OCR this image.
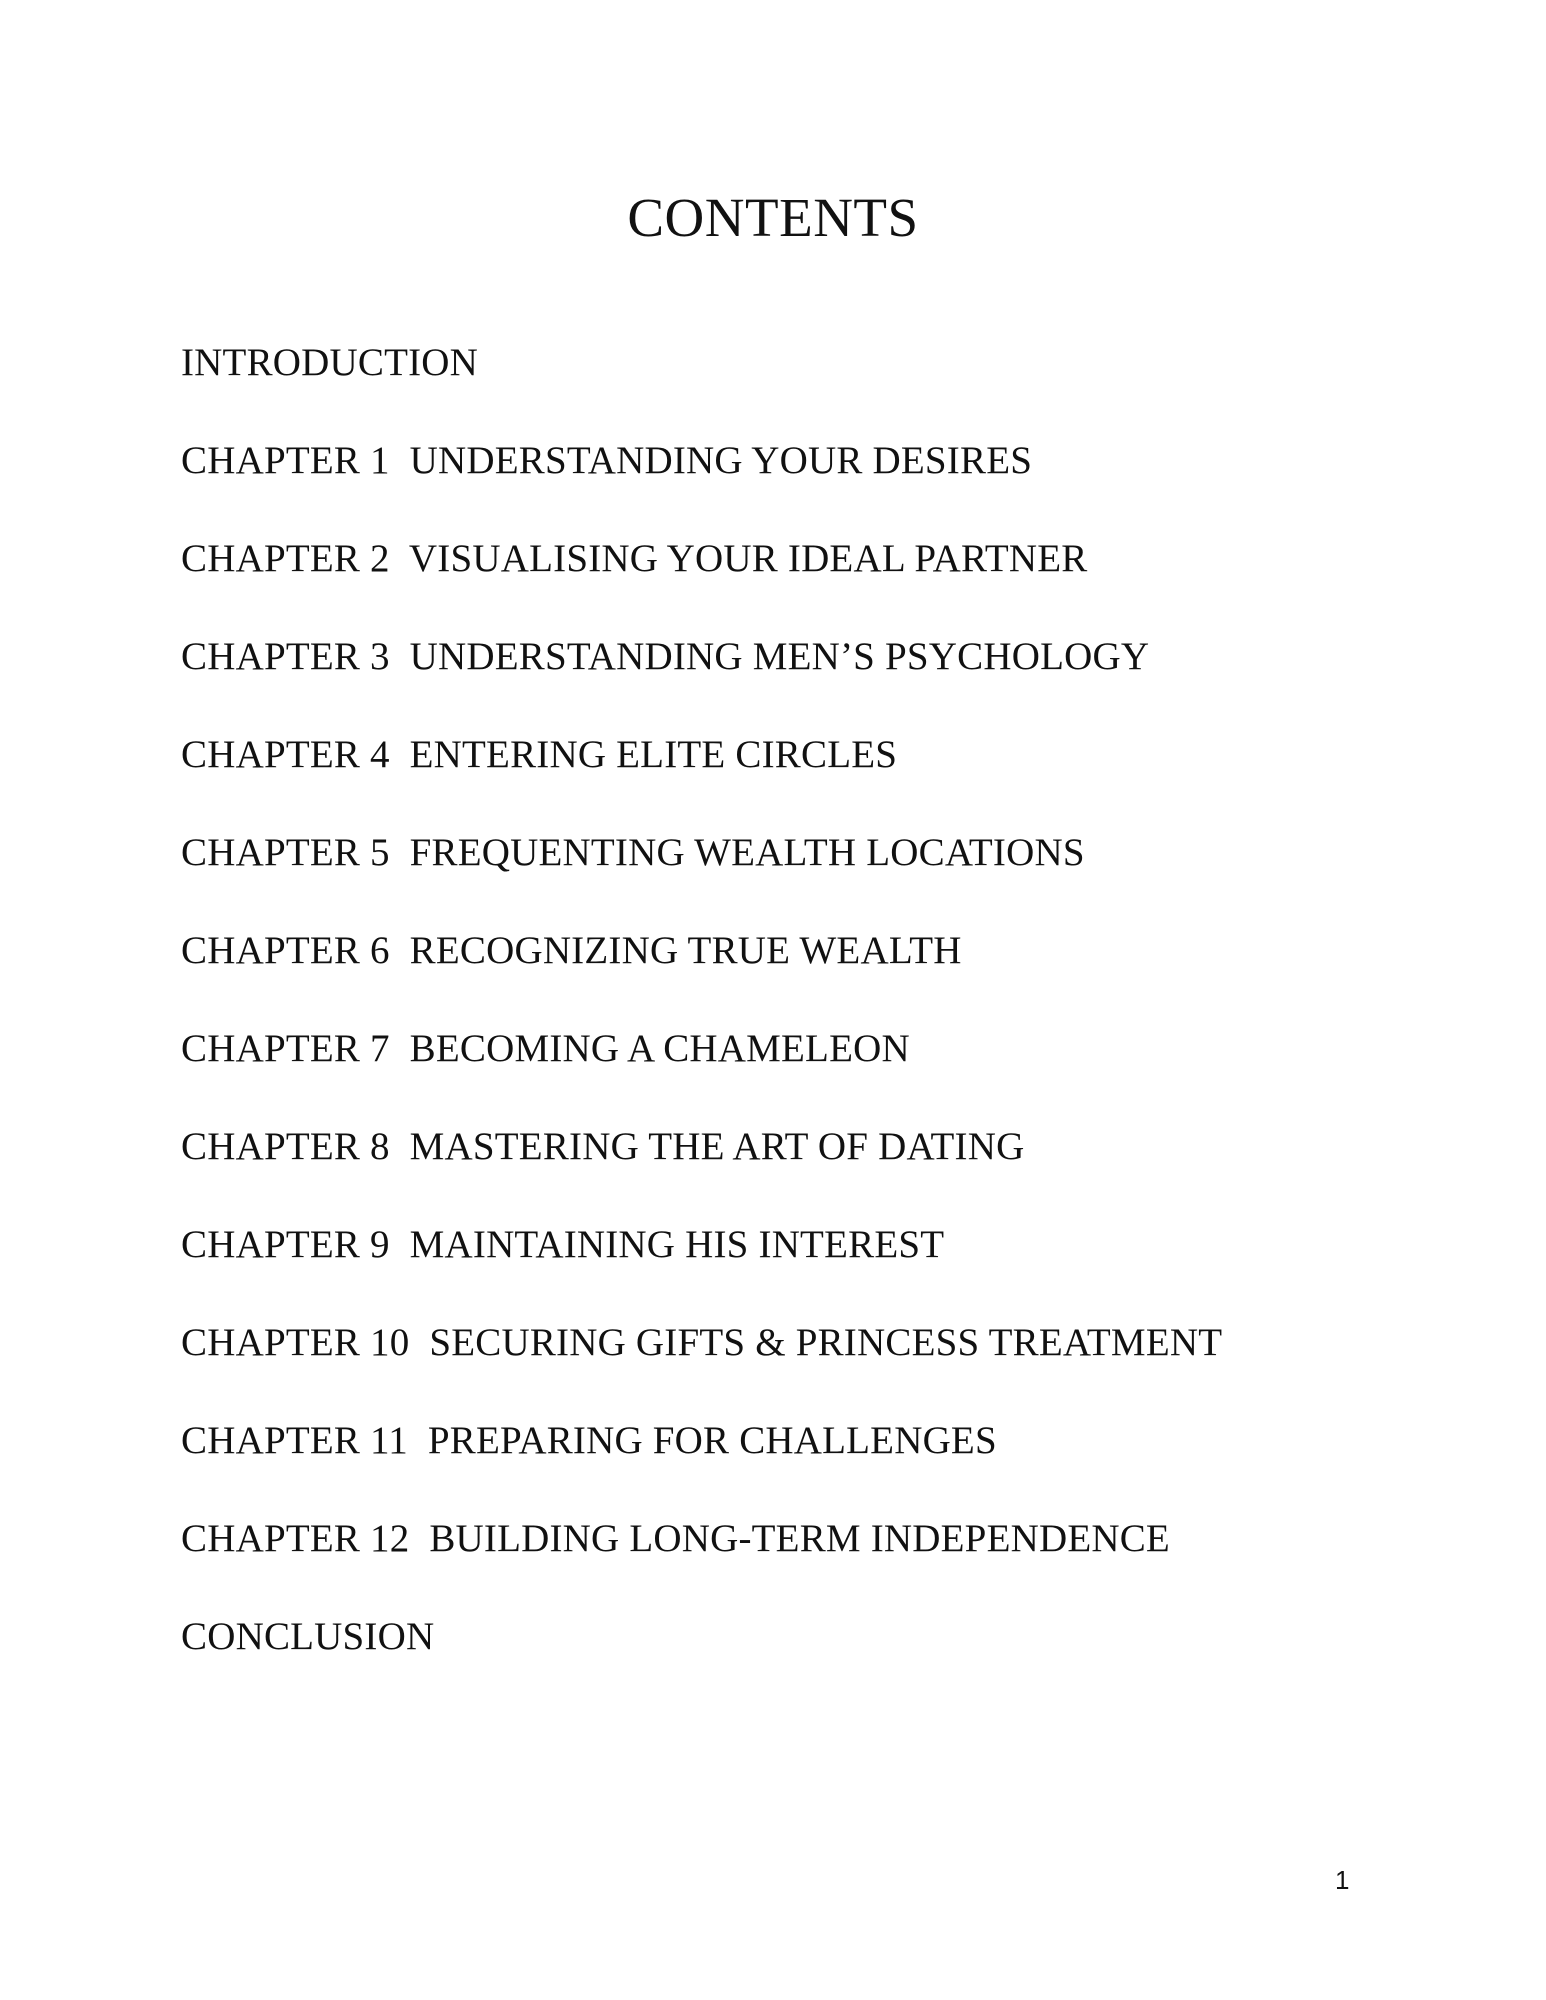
CONTENTS
INTRODUCTION
CHAPTER 1  UNDERSTANDING YOUR DESIRES
CHAPTER 2  VISUALISING YOUR IDEAL PARTNER
CHAPTER 3  UNDERSTANDING MEN’S PSYCHOLOGY
CHAPTER 4  ENTERING ELITE CIRCLES
CHAPTER 5  FREQUENTING WEALTH LOCATIONS
CHAPTER 6  RECOGNIZING TRUE WEALTH
CHAPTER 7  BECOMING A CHAMELEON
CHAPTER 8  MASTERING THE ART OF DATING
CHAPTER 9  MAINTAINING HIS INTEREST
CHAPTER 10  SECURING GIFTS & PRINCESS TREATMENT
CHAPTER 11  PREPARING FOR CHALLENGES
CHAPTER 12  BUILDING LONG-TERM INDEPENDENCE
CONCLUSION
1
